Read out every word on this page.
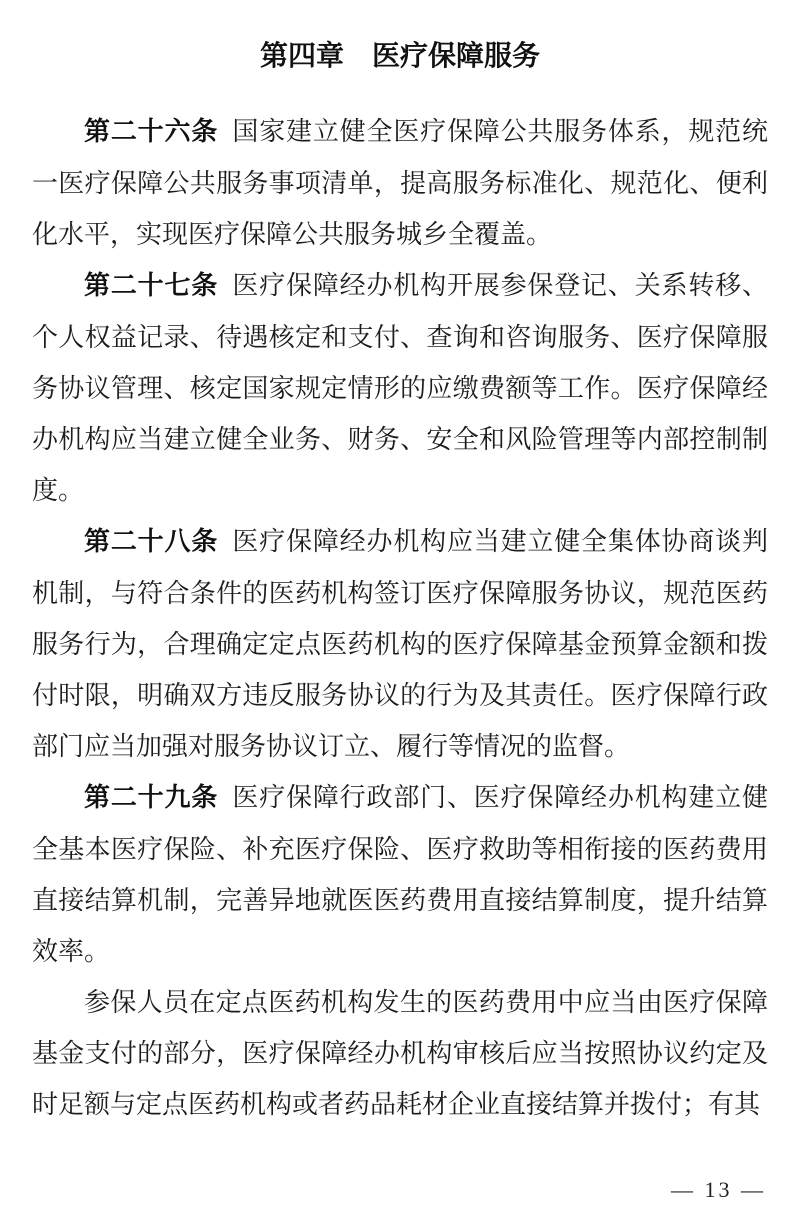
第四章　医疗保障服务

第二十六条 国家建立健全医疗保障公共服务体系，规范统一医疗保障公共服务事项清单，提高服务标准化、规范化、便利化水平，实现医疗保障公共服务城乡全覆盖。

第二十七条 医疗保障经办机构开展参保登记、关系转移、个人权益记录、待遇核定和支付、查询和咨询服务、医疗保障服务协议管理、核定国家规定情形的应缴费额等工作。医疗保障经办机构应当建立健全业务、财务、安全和风险管理等内部控制制度。

第二十八条 医疗保障经办机构应当建立健全集体协商谈判机制，与符合条件的医药机构签订医疗保障服务协议，规范医药服务行为，合理确定定点医药机构的医疗保障基金预算金额和拨付时限，明确双方违反服务协议的行为及其责任。医疗保障行政部门应当加强对服务协议订立、履行等情况的监督。

第二十九条 医疗保障行政部门、医疗保障经办机构建立健全基本医疗保险、补充医疗保险、医疗救助等相衔接的医药费用直接结算机制，完善异地就医医药费用直接结算制度，提升结算效率。

参保人员在定点医药机构发生的医药费用中应当由医疗保障基金支付的部分，医疗保障经办机构审核后应当按照协议约定及时足额与定点医药机构或者药品耗材企业直接结算并拨付；有其

— 13 —
